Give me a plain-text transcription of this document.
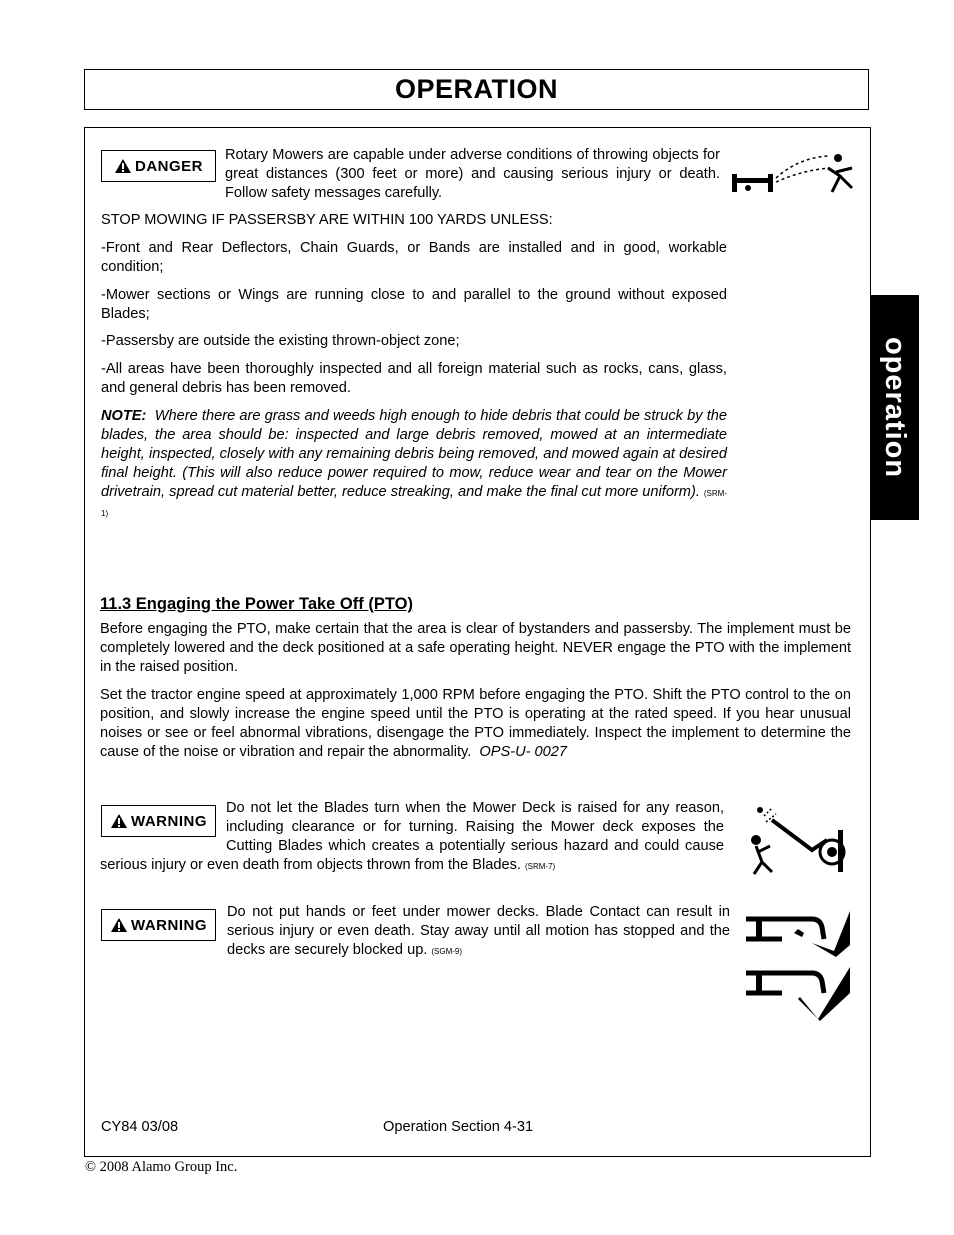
OPERATION
operation
DANGER

Rotary Mowers are capable under adverse conditions of throwing objects for great distances (300 feet or more) and causing serious injury or death. Follow safety messages carefully.

STOP MOWING IF PASSERSBY ARE WITHIN 100 YARDS UNLESS:

-Front and Rear Deflectors, Chain Guards, or Bands are installed and in good, workable condition;

-Mower sections or Wings are running close to and parallel to the ground without exposed Blades;

-Passersby are outside the existing thrown-object zone;

-All areas have been thoroughly inspected and all foreign material such as rocks, cans, glass, and general debris has been removed.

NOTE: Where there are grass and weeds high enough to hide debris that could be struck by the blades, the area should be: inspected and large debris removed, mowed at an intermediate height, inspected, closely with any remaining debris being removed, and mowed again at desired final height. (This will also reduce power required to mow, reduce wear and tear on the Mower drivetrain, spread cut material better, reduce streaking, and make the final cut more uniform). (SRM-1)

11.3 Engaging the Power Take Off (PTO)

Before engaging the PTO, make certain that the area is clear of bystanders and passersby. The implement must be completely lowered and the deck positioned at a safe operating height. NEVER engage the PTO with the implement in the raised position.

Set the tractor engine speed at approximately 1,000 RPM before engaging the PTO. Shift the PTO control to the on position, and slowly increase the engine speed until the PTO is operating at the rated speed. If you hear unusual noises or see or feel abnormal vibrations, disengage the PTO immediately. Inspect the implement to determine the cause of the noise or vibration and repair the abnormality. OPS-U- 0027

WARNING

Do not let the Blades turn when the Mower Deck is raised for any reason, including clearance or for turning. Raising the Mower deck exposes the Cutting Blades which creates a potentially serious hazard and could cause serious injury or even death from objects thrown from the Blades. (SRM-7)

WARNING

Do not put hands or feet under mower decks. Blade Contact can result in serious injury or even death. Stay away until all motion has stopped and the decks are securely blocked up. (SGM-9)

CY84 03/08	Operation Section 4-31
© 2008 Alamo Group Inc.
